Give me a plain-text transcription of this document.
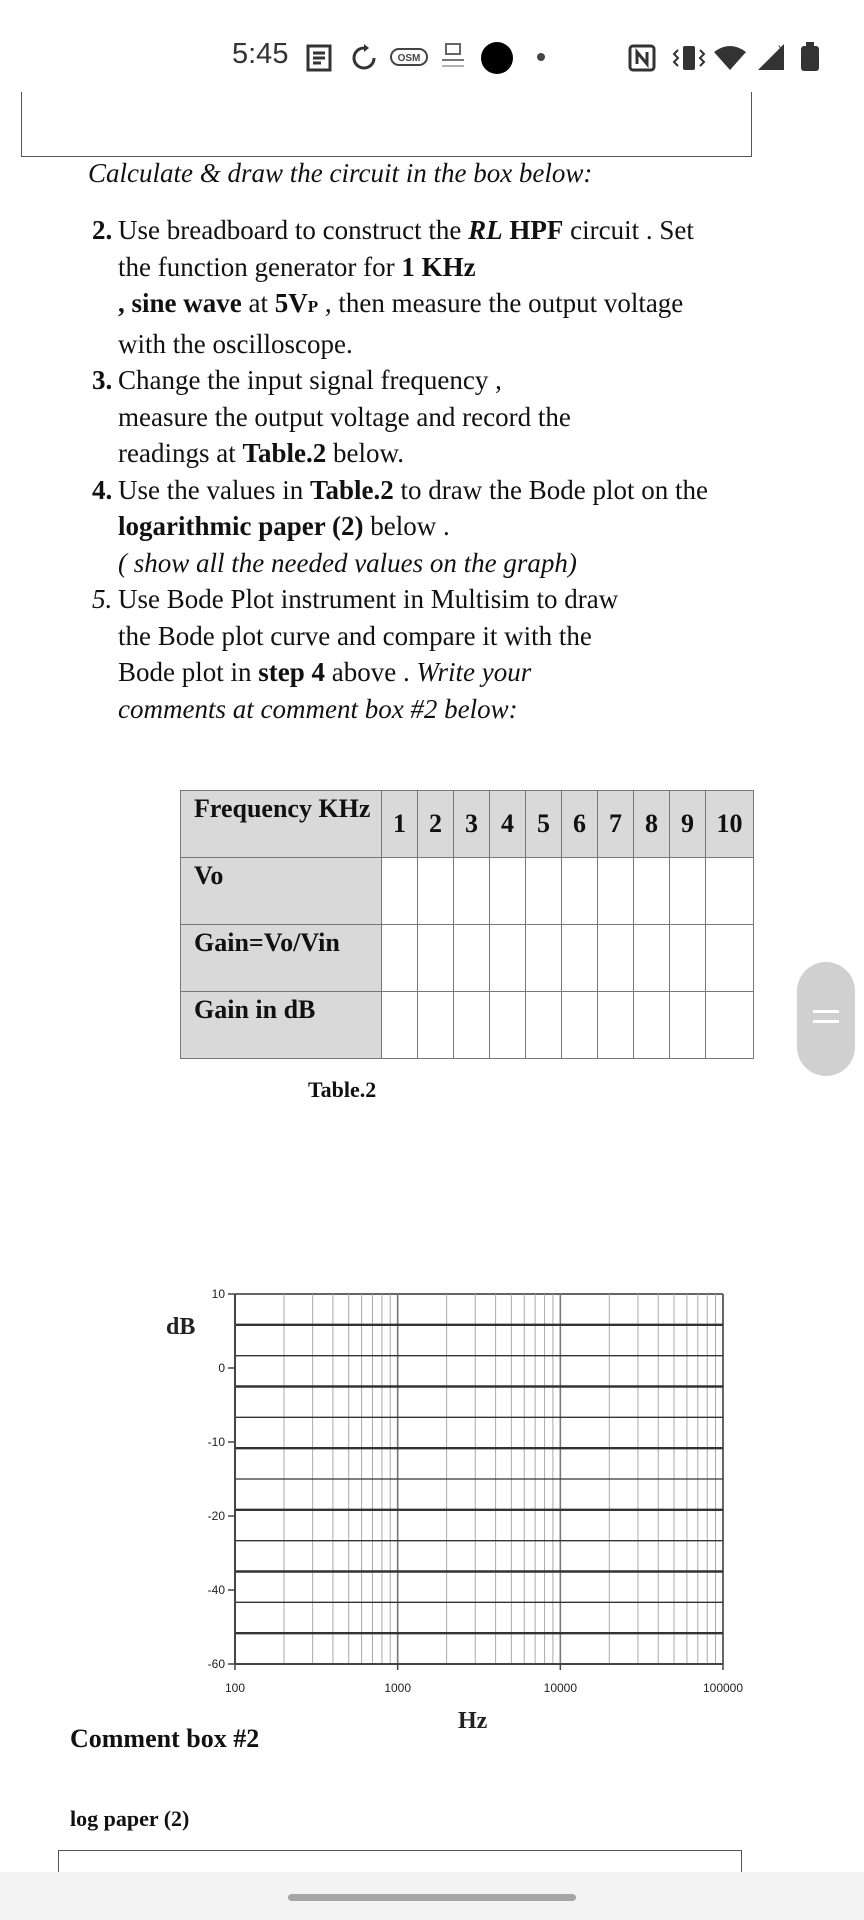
5:45	OSM
x
Calculate & draw the circuit in the box below:
2. Use breadboard to construct the RL HPF circuit . Set
the function generator for 1 KHz
, sine wave at 5VP , then measure the output voltage
with the oscilloscope.
3. Change the input signal frequency ,
measure the output voltage and record the
readings at Table.2 below.
4. Use the values in Table.2 to draw the Bode plot on the
logarithmic paper (2) below .
( show all the needed values on the graph)
5. Use Bode Plot instrument in Multisim to draw
the Bode plot curve and compare it with the
Bode plot in step 4 above . Write your
comments at comment box #2 below:
Frequency KHz	1	2	3	4	5	6	7	8	9	10
Vo										
Gain=Vo/Vin										
Gain in dB										
Table.2
dB
Hz
10
0
-10
-20
-40
-60
100	1000	10000	100000
Comment box #2
log paper (2)
